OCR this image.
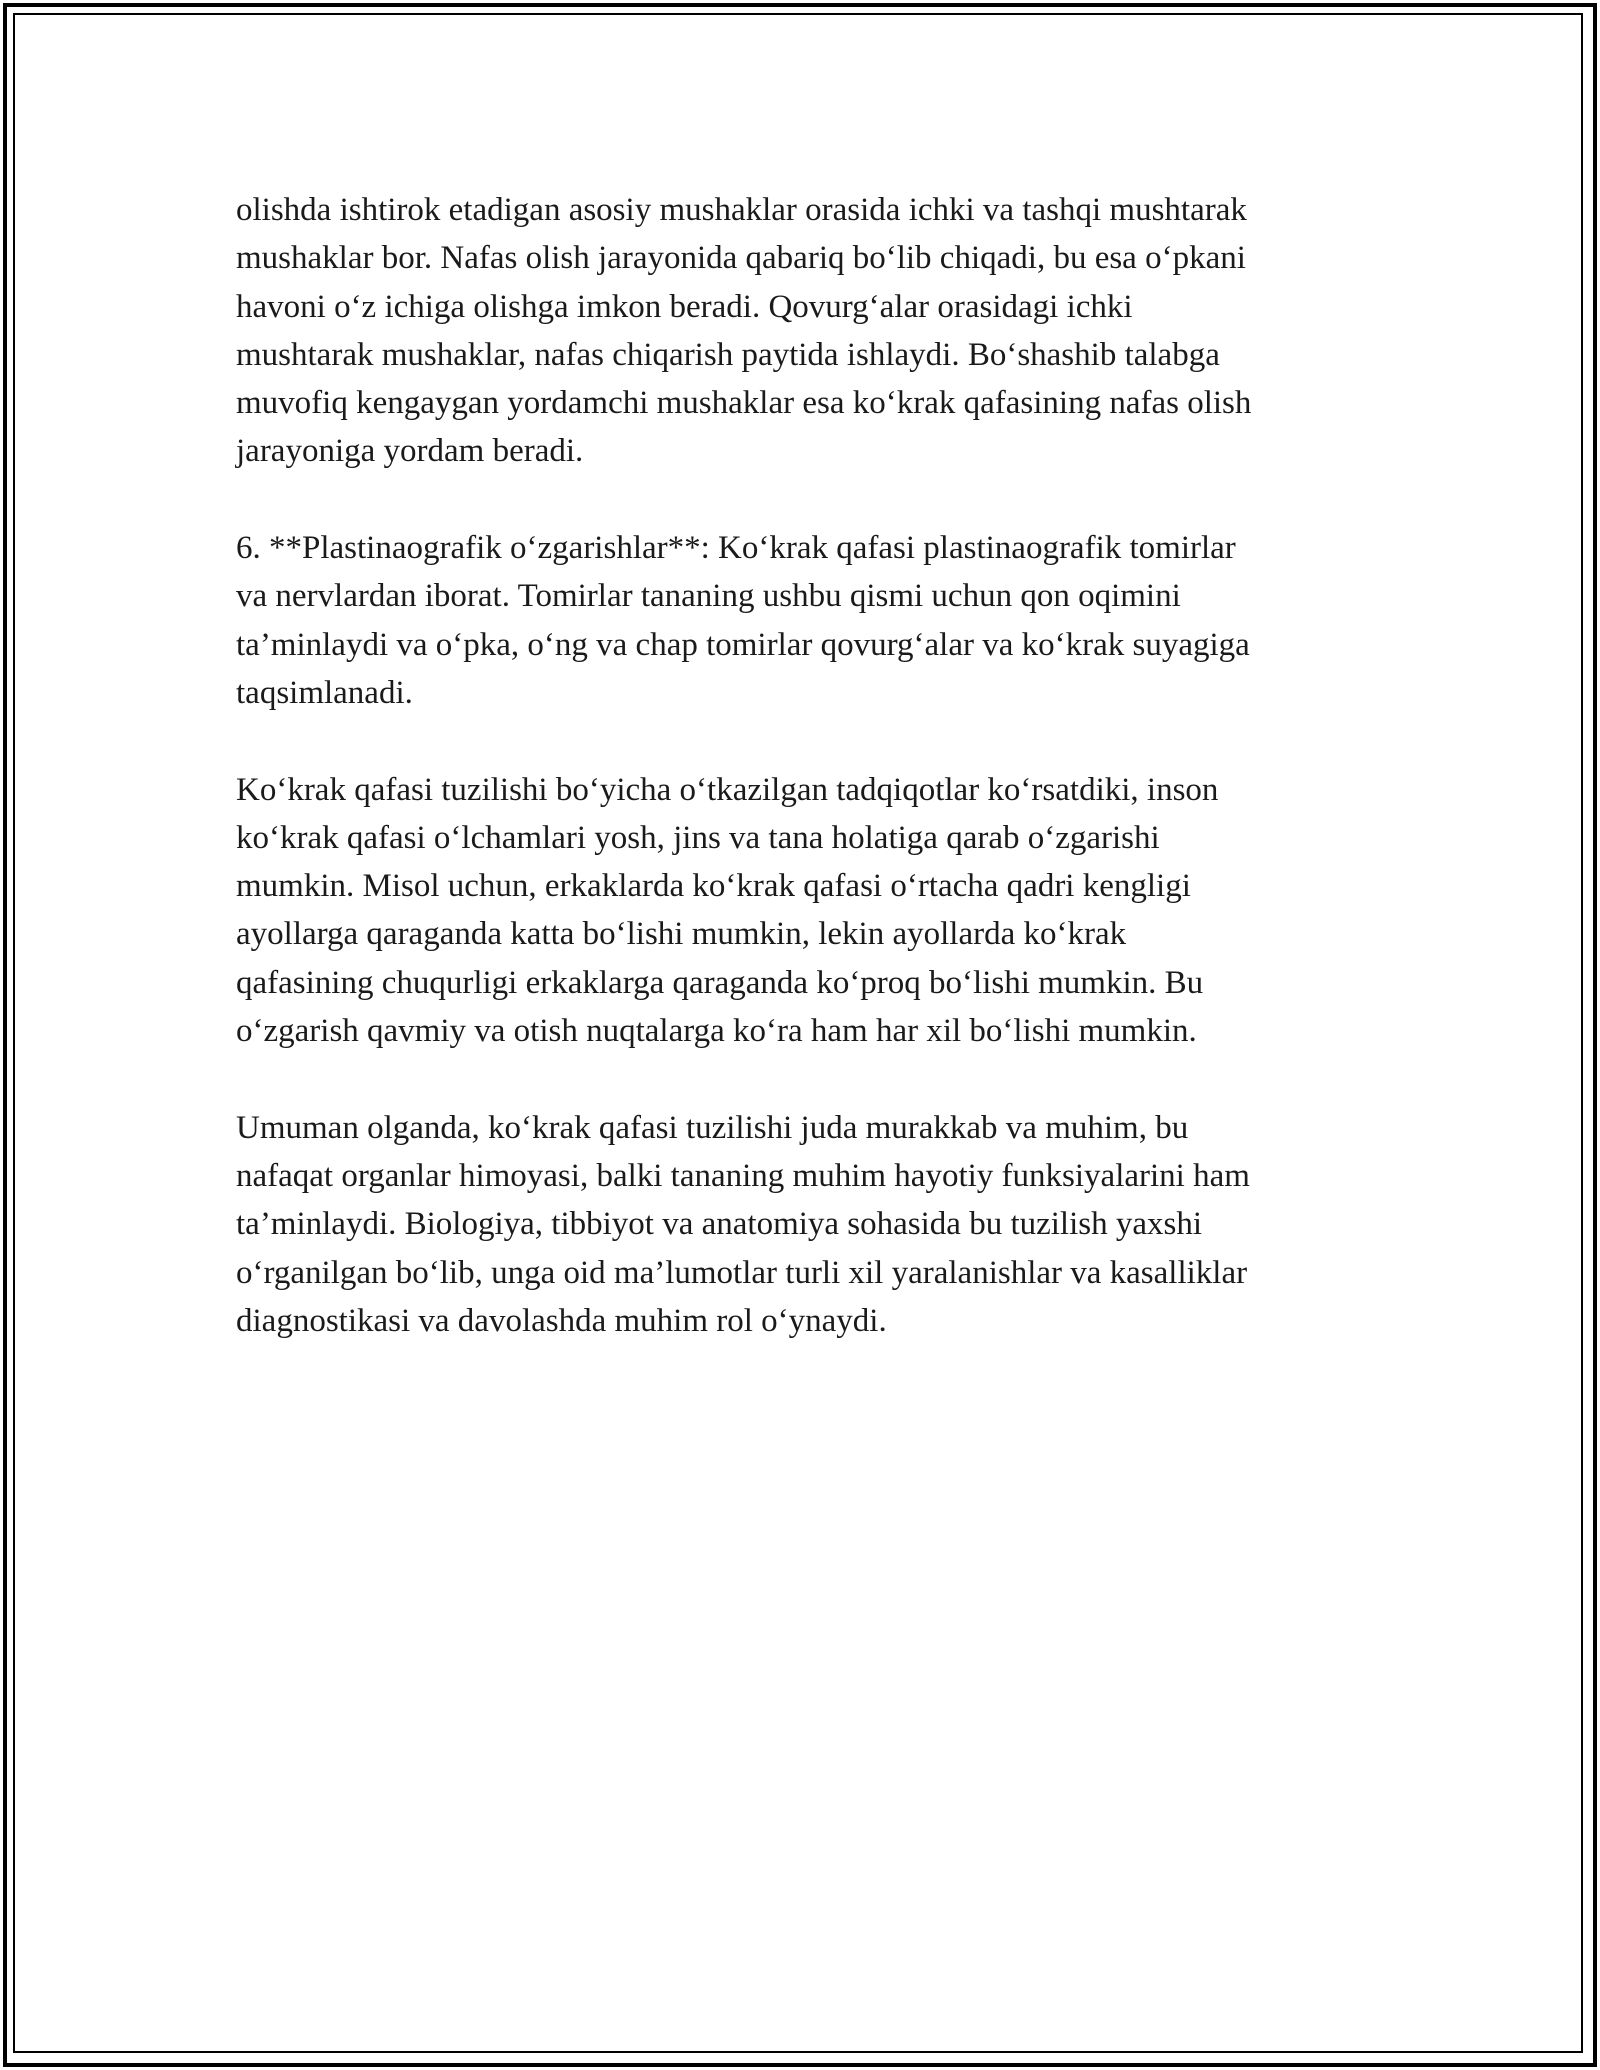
olishda ishtirok etadigan asosiy mushaklar orasida ichki va tashqi mushtarak
mushaklar bor. Nafas olish jarayonida qabariq bo‘lib chiqadi, bu esa o‘pkani
havoni o‘z ichiga olishga imkon beradi. Qovurg‘alar orasidagi ichki
mushtarak mushaklar, nafas chiqarish paytida ishlaydi. Bo‘shashib talabga
muvofiq kengaygan yordamchi mushaklar esa ko‘krak qafasining nafas olish
jarayoniga yordam beradi.

6. **Plastinaografik o‘zgarishlar**: Ko‘krak qafasi plastinaografik tomirlar
va nervlardan iborat. Tomirlar tananing ushbu qismi uchun qon oqimini
ta’minlaydi va o‘pka, o‘ng va chap tomirlar qovurg‘alar va ko‘krak suyagiga
taqsimlanadi.

Ko‘krak qafasi tuzilishi bo‘yicha o‘tkazilgan tadqiqotlar ko‘rsatdiki, inson
ko‘krak qafasi o‘lchamlari yosh, jins va tana holatiga qarab o‘zgarishi
mumkin. Misol uchun, erkaklarda ko‘krak qafasi o‘rtacha qadri kengligi
ayollarga qaraganda katta bo‘lishi mumkin, lekin ayollarda ko‘krak
qafasining chuqurligi erkaklarga qaraganda ko‘proq bo‘lishi mumkin. Bu
o‘zgarish qavmiy va otish nuqtalarga ko‘ra ham har xil bo‘lishi mumkin.

Umuman olganda, ko‘krak qafasi tuzilishi juda murakkab va muhim, bu
nafaqat organlar himoyasi, balki tananing muhim hayotiy funksiyalarini ham
ta’minlaydi. Biologiya, tibbiyot va anatomiya sohasida bu tuzilish yaxshi
o‘rganilgan bo‘lib, unga oid ma’lumotlar turli xil yaralanishlar va kasalliklar
diagnostikasi va davolashda muhim rol o‘ynaydi.
